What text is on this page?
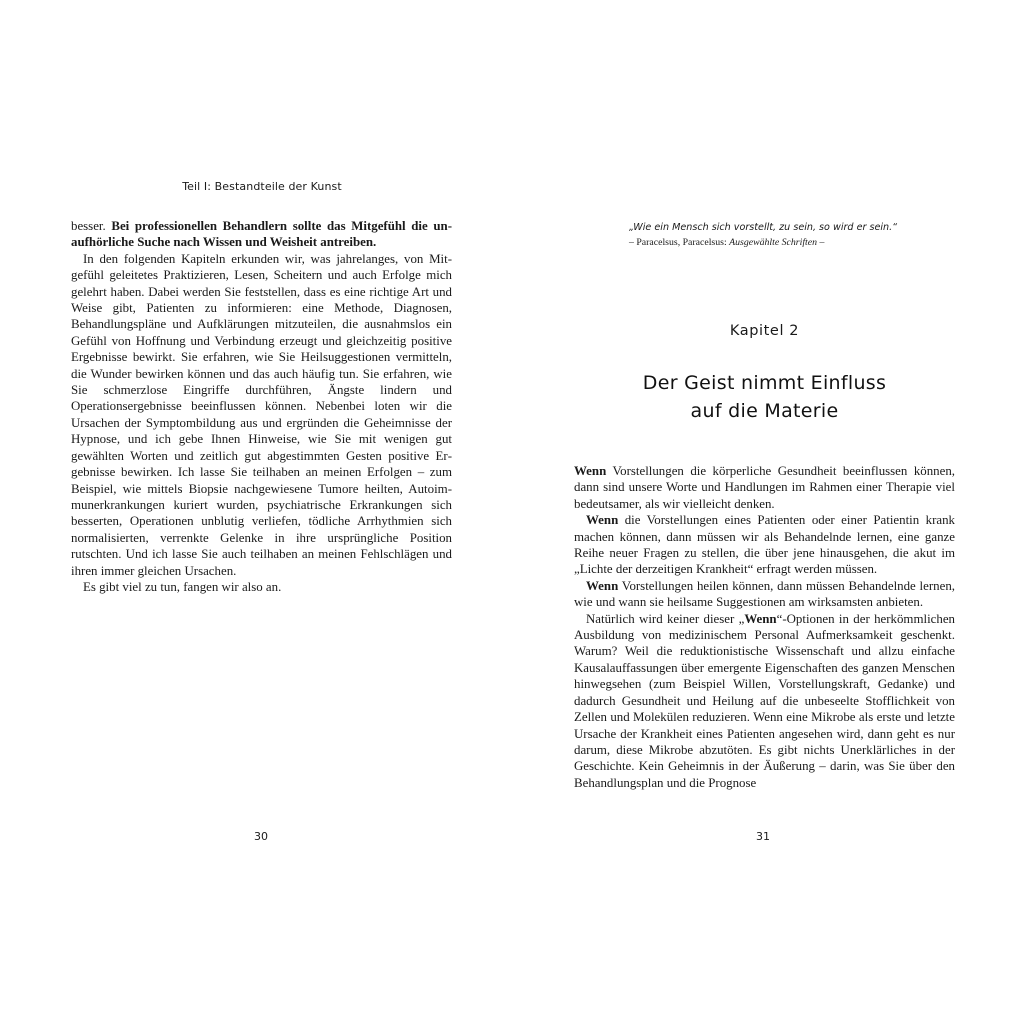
Teil I: Bestandteile der Kunst

besser. Bei professionellen Behandlern sollte das Mitgefühl die unaufhörliche Suche nach Wissen und Weisheit antreiben.

In den folgenden Kapiteln erkunden wir, was jahrelanges, von Mitgefühl geleitetes Praktizieren, Lesen, Scheitern und auch Erfolge mich gelehrt haben. Dabei werden Sie feststellen, dass es eine richtige Art und Weise gibt, Patienten zu informieren: eine Methode, Diagnosen, Behandlungspläne und Aufklärungen mitzuteilen, die ausnahmslos ein Gefühl von Hoffnung und Verbindung erzeugt und gleichzeitig positive Ergebnisse bewirkt. Sie erfahren, wie Sie Heilsuggestionen vermitteln, die Wunder bewirken können und das auch häufig tun. Sie erfahren, wie Sie schmerzlose Eingriffe durchführen, Ängste lindern und Operationsergebnisse beeinflussen können. Nebenbei loten wir die Ursachen der Symptombildung aus und ergründen die Geheimnisse der Hypnose, und ich gebe Ihnen Hinweise, wie Sie mit wenigen gut gewählten Worten und zeitlich gut abgestimmten Gesten positive Ergebnisse bewirken. Ich lasse Sie teilhaben an meinen Erfolgen – zum Beispiel, wie mittels Biopsie nachgewiesene Tumore heilten, Autoimmunerkrankungen kuriert wurden, psychiatrische Erkrankungen sich besserten, Operationen unblutig verliefen, tödliche Arrhythmien sich normalisierten, verrenkte Gelenke in ihre ursprüngliche Position rutschten. Und ich lasse Sie auch teilhaben an meinen Fehlschlägen und ihren immer gleichen Ursachen.

Es gibt viel zu tun, fangen wir also an.

30
„Wie ein Mensch sich vorstellt, zu sein, so wird er sein.“
– Paracelsus, Paracelsus: Ausgewählte Schriften –
Kapitel 2
Der Geist nimmt Einfluss
auf die Materie

Wenn Vorstellungen die körperliche Gesundheit beeinflussen können, dann sind unsere Worte und Handlungen im Rahmen einer Therapie viel bedeutsamer, als wir vielleicht denken.

Wenn die Vorstellungen eines Patienten oder einer Patientin krank machen können, dann müssen wir als Behandelnde lernen, eine ganze Reihe neuer Fragen zu stellen, die über jene hinausgehen, die akut im „Lichte der derzeitigen Krankheit“ erfragt werden müssen.

Wenn Vorstellungen heilen können, dann müssen Behandelnde lernen, wie und wann sie heilsame Suggestionen am wirksamsten anbieten.

Natürlich wird keiner dieser „Wenn“-Optionen in der herkömmlichen Ausbildung von medizinischem Personal Aufmerksamkeit geschenkt. Warum? Weil die reduktionistische Wissenschaft und allzu einfache Kausalauffassungen über emergente Eigenschaften des ganzen Menschen hinwegsehen (zum Beispiel Willen, Vorstellungskraft, Gedanke) und dadurch Gesundheit und Heilung auf die unbeseelte Stofflichkeit von Zellen und Molekülen reduzieren. Wenn eine Mikrobe als erste und letzte Ursache der Krankheit eines Patienten angesehen wird, dann geht es nur darum, diese Mikrobe abzutöten. Es gibt nichts Unerklärliches in der Geschichte. Kein Geheimnis in der Äußerung – darin, was Sie über den Behandlungsplan und die Prognose

31
